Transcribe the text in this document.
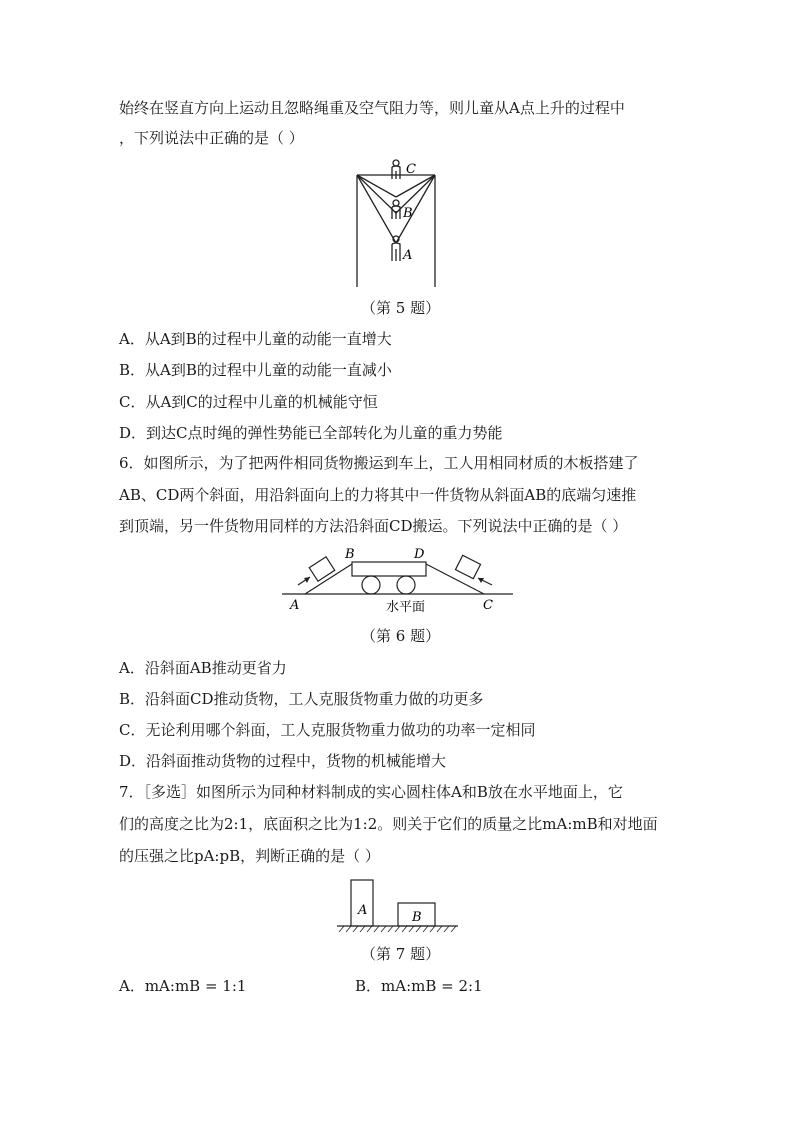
始终在竖直方向上运动且忽略绳重及空气阻力等，则儿童从A点上升的过程中
，下列说法中正确的是（ ）
C
B
A
（第 5 题）
A．从A到B的过程中儿童的动能一直增大
B．从A到B的过程中儿童的动能一直减小
C．从A到C的过程中儿童的机械能守恒
D．到达C点时绳的弹性势能已全部转化为儿童的重力势能
6．如图所示，为了把两件相同货物搬运到车上，工人用相同材质的木板搭建了
AB、CD两个斜面，用沿斜面向上的力将其中一件货物从斜面AB的底端匀速推
到顶端，另一件货物用同样的方法沿斜面CD搬运。下列说法中正确的是（ ）
B	D
A	C
水平面
（第 6 题）
A．沿斜面AB推动更省力
B．沿斜面CD推动货物，工人克服货物重力做的功更多
C．无论利用哪个斜面，工人克服货物重力做功的功率一定相同
D．沿斜面推动货物的过程中，货物的机械能增大
7．［多选］如图所示为同种材料制成的实心圆柱体A和B放在水平地面上，它
们的高度之比为2:1，底面积之比为1:2。则关于它们的质量之比mA:mB和对地面
的压强之比pA:pB，判断正确的是（ ）
A	B
（第 7 题）
A．mA:mB = 1:1	B．mA:mB = 2:1
